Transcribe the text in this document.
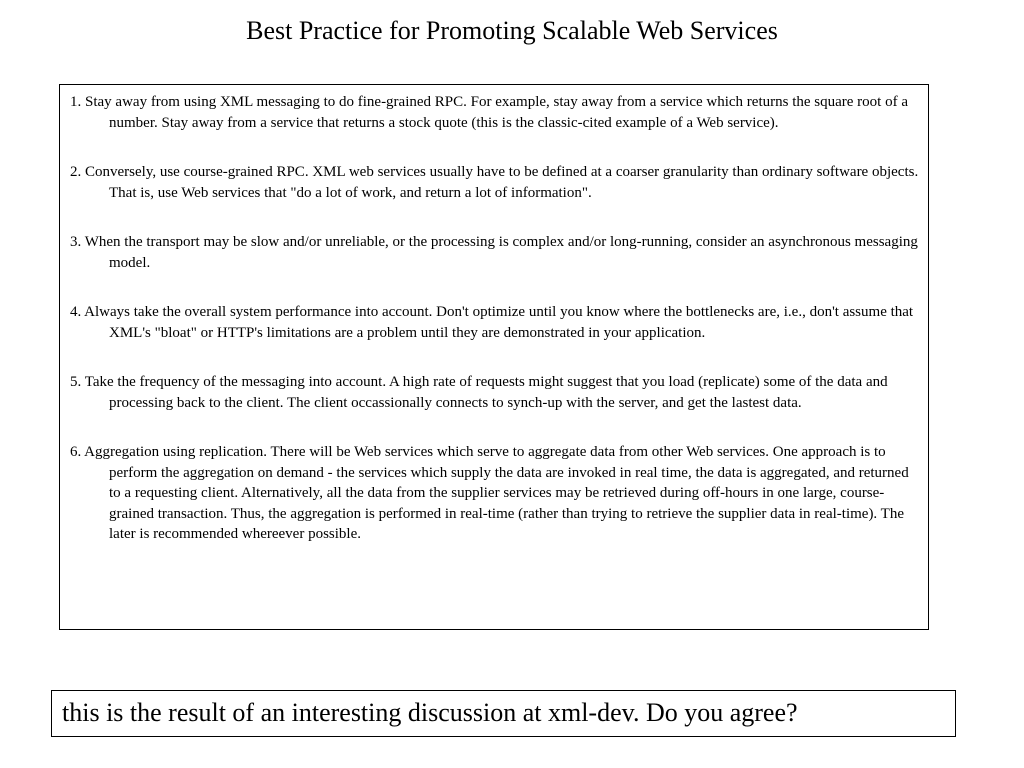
Best Practice for Promoting Scalable Web Services

1. Stay away from using XML messaging to do fine-grained RPC. For example, stay away from a service which returns the square root of a number. Stay away from a service that returns a stock quote (this is the classic-cited example of a Web service).

2. Conversely, use course-grained RPC. XML web services usually have to be defined at a coarser granularity than ordinary software objects. That is, use Web services that "do a lot of work, and return a lot of information".

3. When the transport may be slow and/or unreliable, or the processing is complex and/or long-running, consider an asynchronous messaging model.

4. Always take the overall system performance into account. Don't optimize until you know where the bottlenecks are, i.e., don't assume that XML's "bloat" or HTTP's limitations are a problem until they are demonstrated in your application.

5. Take the frequency of the messaging into account. A high rate of requests might suggest that you load (replicate) some of the data and processing back to the client. The client occassionally connects to synch-up with the server, and get the lastest data.

6. Aggregation using replication. There will be Web services which serve to aggregate data from other Web services. One approach is to perform the aggregation on demand - the services which supply the data are invoked in real time, the data is aggregated, and returned to a requesting client. Alternatively, all the data from the supplier services may be retrieved during off-hours in one large, course-grained transaction. Thus, the aggregation is performed in real-time (rather than trying to retrieve the supplier data in real-time). The later is recommended whereever possible.

this is the result of an interesting discussion at xml-dev. Do you agree?
